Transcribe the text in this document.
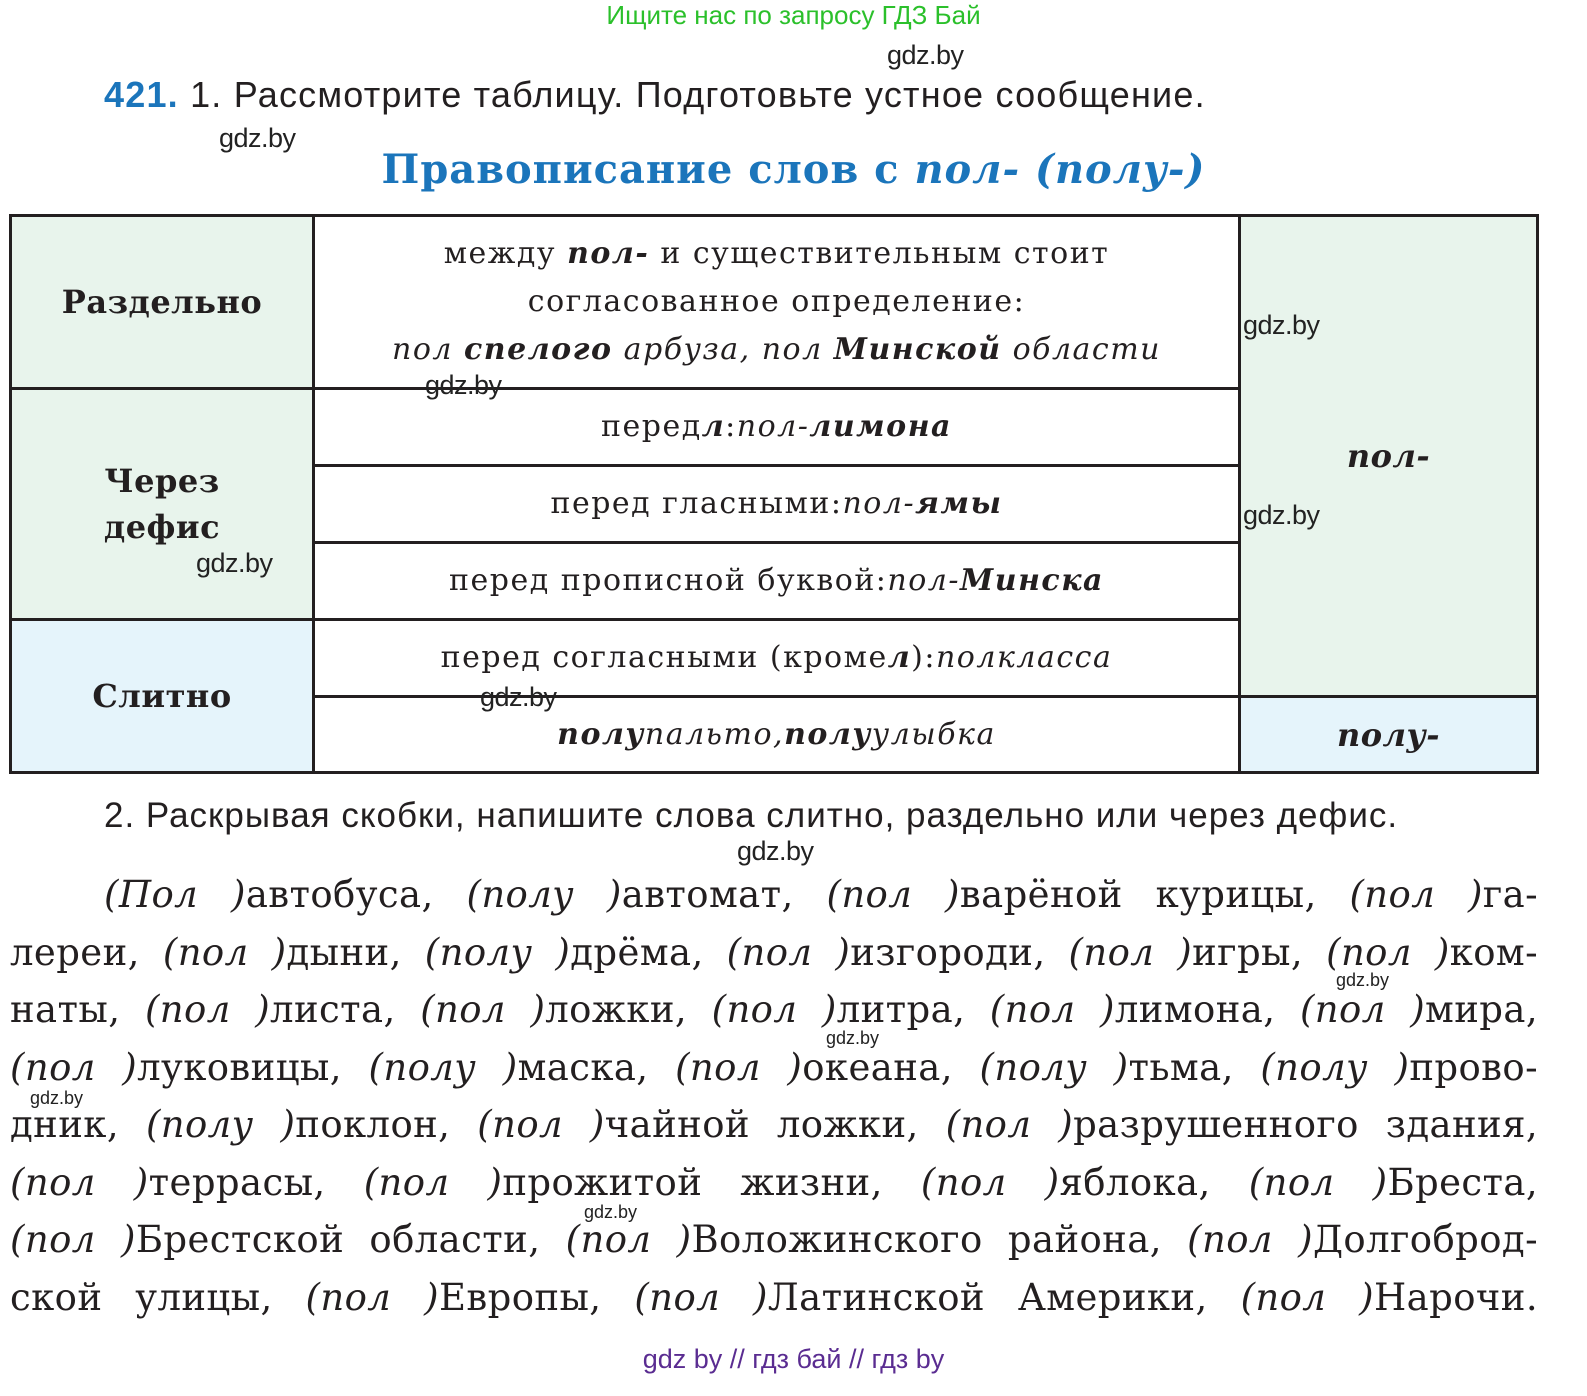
Ищите нас по запросу ГДЗ Бай
gdz.by
gdz.by
421. 1. Рассмотрите таблицу. Подготовьте устное сообщение.
Правописание слов с пол- (полу-)
Раздельно
Через дефис
Слитно
между пол- и существительным стоит
согласованное определение:
пол спелого арбуза, пол Минской области
перед л : пол- лимона
перед гласными: пол- ямы
перед прописной буквой: пол- Минска
перед согласными (кроме л ): пол класса
полу пальто, полу улыбка
пол-
полу-
gdz.by
gdz.by
gdz.by
gdz.by
gdz.by
2. Раскрывая скобки, напишите слова слитно, раздельно или через дефис.
gdz.by
(Пол )автобуса, (полу )автомат, (пол )варёной курицы, (пол )га-
лереи, (пол )дыни, (полу )дрёма, (пол )изгороди, (пол )игры, (пол )ком-
наты, (пол )листа, (пол )ложки, (пол )литра, (пол )лимона, (пол )мира,
(пол )луковицы, (полу )маска, (пол )океана, (полу )тьма, (полу )прово-
дник, (полу )поклон, (пол )чайной ложки, (пол )разрушенного здания,
(пол )террасы, (пол )прожитой жизни, (пол )яблока, (пол )Бреста,
(пол )Брестской области, (пол )Воложинского района, (пол )Долгоброд-
ской улицы, (пол )Европы, (пол )Латинской Америки, (пол )Нарочи.
gdz.by
gdz.by
gdz.by
gdz.by
gdz by // гдз бай // гдз by
